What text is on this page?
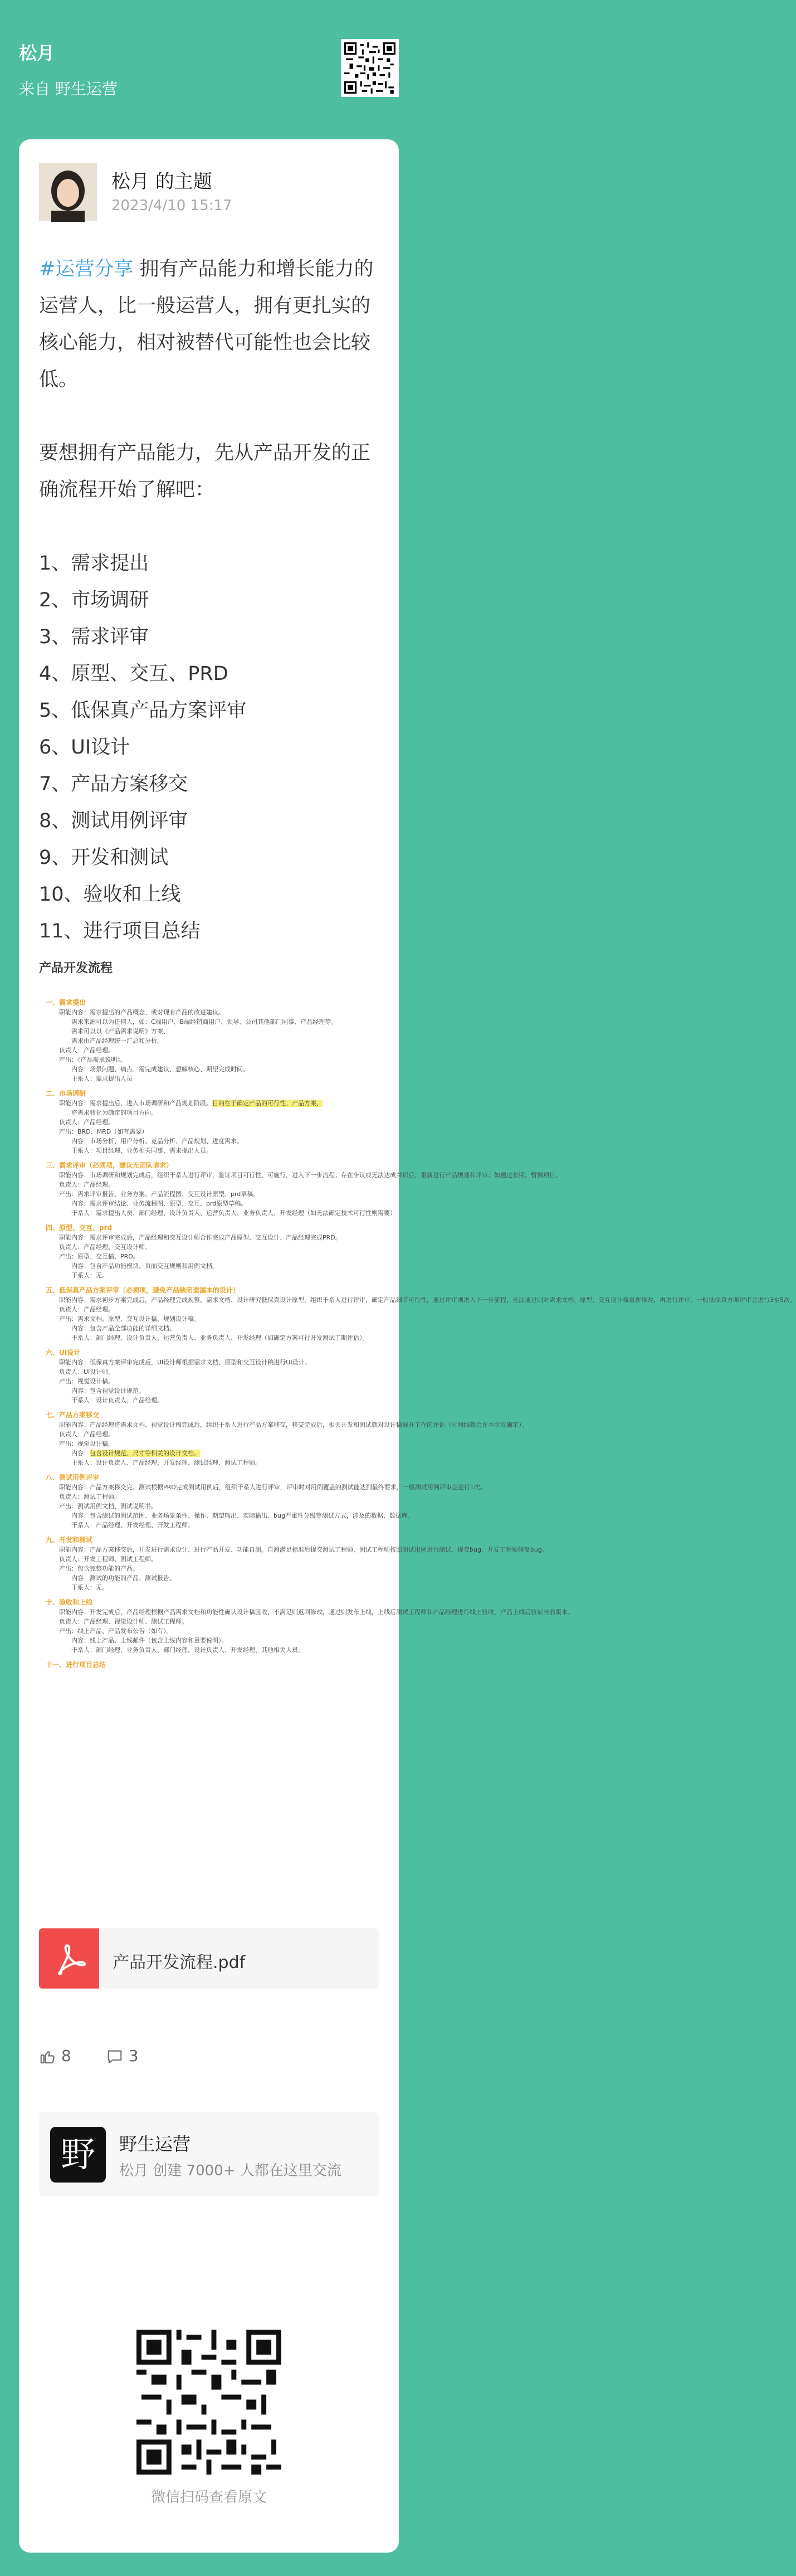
松月
来自 野生运营
松月 的主题
2023/4/10 15:17

#运营分享 拥有产品能力和增长能力的运营人，比一般运营人，拥有更扎实的核心能力，相对被替代可能性也会比较低。

要想拥有产品能力，先从产品开发的正确流程开始了解吧：

1、需求提出
2、市场调研
3、需求评审
4、原型、交互、PRD
5、低保真产品方案评审
6、UI设计
7、产品方案移交
8、测试用例评审
9、开发和测试
10、验收和上线
11、进行项目总结
产品开发流程
一、需求提出
职能内容：需求提出的产品概念、或对现有产品的改进建议。
需求来源可以为任何人，如：C端用户、B端经销商用户、领导、公司其他部门同事、产品经理等。
需求可以以《产品需求说明》方案、
需求由产品经理统一汇总和分析。
负责人：产品经理。
产出：《产品需求说明》。
内容：场景问题、痛点、需完成建议、想解核心、期望完成时间。
干系人：需求提出人员
二、市场调研
职能内容：需求提出后，进入市场调研和产品规划阶段。目的在于确定产品的可行性、产品方案、
将需求转化为确定的项目方向。
负责人：产品经理。
产出：BRD、MRD（如有需要）
内容：市场分析、用户分析、竞品分析、产品规划、进度需求。
干系人：项目经理、业务相关同事、需求提出人员。
三、需求评审（必须项，建议无团队请求）
职能内容：市场调研和规划完成后，组织干系人进行评审，验证项目可行性、可施行，进入下一步流程；存在争议或无法达成共识后，重新进行产品规划和评审；如遇过长期，暂搁项目。
负责人：产品经理。
产出：需求评审报告、业务方案、产品流程图、交互设计原型、prd草稿。
内容：需求评审结论、业务流程图、原型、交互、prd原型草稿。
干系人：需求提出人员、部门经理、设计负责人、运营负责人、业务负责人、开发经理（如无法确定技术可行性则需要）
四、原型、交互、prd
职能内容：需求评审完成后，产品经理和交互设计师合作完成产品原型、交互设计、产品经理完成PRD。
负责人：产品经理、交互设计师。
产出：原型、交互稿、PRD。
内容：包含产品功能模块、页面交互规则和用例文档。
干系人：无。
五、低保真产品方案评审（必须项，避免产品缺陷遗漏本的设计）
职能内容：需求初步方案完成后，产品经理完成规整、需求文档、设计研究低保真设计原型，组织干系人进行评审，确定产品细节可行性，通过评审则进入下一步流程，无法通过则对需求文档、原型、交互设计稿重新修改，再进行评审，一般低保真方案评审会进行3至5次。
负责人：产品经理。
产出：需求文档、原型、交互设计稿、规划设计稿。
内容：包含产品全部功能的详细文档。
干系人：部门经理、设计负责人、运营负责人、业务负责人、开发经理（如确定方案可行开发测试工期评估）。
六、UI设计
职能内容：低保真方案评审完成后，UI设计师根据需求文档、原型和交互设计稿进行UI设计。
负责人：UI设计师。
产出：视觉设计稿。
内容：包含视觉设计规范。
干系人：设计负责人、产品经理。
七、产品方案移交
职能内容：产品经理将需求文档、视觉设计稿完成后，组织干系人进行产品方案移交，移交完成后，相关开发和测试就对设计稿展开工作的评估（时间线就会在本阶段确定）。
负责人：产品经理。
产出：视觉设计稿。
内容：包含设计规范、尺寸等相关的设计文档。
干系人：设计负责人、产品经理、开发经理、测试经理、测试工程师。
八、测试用例评审
职能内容：产品方案移交完、测试根据PRD完成测试用例后，组织干系人进行评审，评审时对用例覆盖的测试能达到最终要求，一般测试用例评审会进行1次。
负责人：测试工程师。
产出：测试用例文档、测试说明书。
内容：包含测试的测试范围、业务场景条件、操作、期望输出、实际输出、bug严重性分级等测试方式，涉及的数据、数据库。
干系人：产品经理、开发经理、开发工程师。
九、开发和测试
职能内容：产品方案移交后，开发进行需求设计、进行产品开发、功能自测。自测满足标准后提交测试工程师，测试工程师按照测试用例进行测试、提交bug，开发工程师修复bug。
负责人：开发工程师、测试工程师。
产出：包含完整功能的产品。
内容：测试的功能的产品、测试报告。
干系人：无。
十、验收和上线
职能内容：开发完成后，产品经理根据产品需求文档和功能性确认设计稿验收，不满足则返回修改，通过则发布上线，上线后测试工程师和产品经理进行线上验收，产品上线后验证当前版本。
负责人：产品经理、视觉设计师、测试工程师。
产出：线上产品、产品发布公告（如有）。
内容：线上产品、上线邮件（包含上线内容和重要说明）。
干系人：部门经理、业务负责人、部门经理、设计负责人、开发经理、其他相关人员。
十一、进行项目总结
产品开发流程.pdf
8	3
野	野生运营
松月 创建 7000+ 人都在这里交流
微信扫码查看原文
